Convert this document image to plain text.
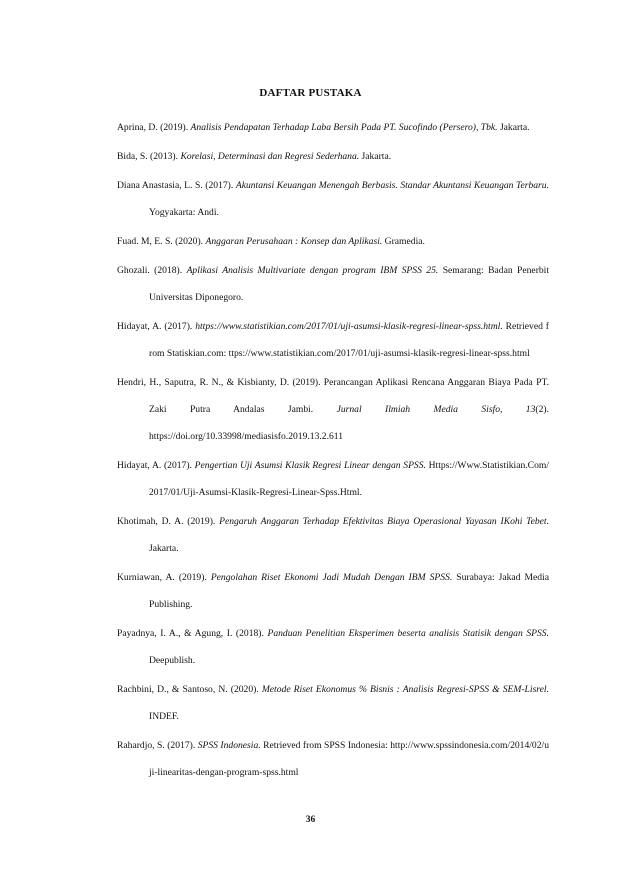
DAFTAR PUSTAKA

Aprina, D. (2019). Analisis Pendapatan Terhadap Laba Bersih Pada PT. Sucofindo (Persero), Tbk. Jakarta.

Bida, S. (2013). Korelasi, Determinasi dan Regresi Sederhana. Jakarta.

Diana Anastasia, L. S. (2017). Akuntansi Keuangan Menengah Berbasis. Standar Akuntansi Keuangan Terbaru. Yogyakarta: Andi.

Fuad. M, E. S. (2020). Anggaran Perusahaan : Konsep dan Aplikasi. Gramedia.

Ghozali. (2018). Aplikasi Analisis Multivariate dengan program IBM SPSS 25. Semarang: Badan Penerbit Universitas Diponegoro.

Hidayat, A. (2017). https://www.statistikian.com/2017/01/uji-asumsi-klasik-regresi-linear-spss.html. Retrieved from Statiskian.com: ttps://www.statistikian.com/2017/01/uji-asumsi-klasik-regresi-linear-spss.html

Hendri, H., Saputra, R. N., & Kisbianty, D. (2019). Perancangan Aplikasi Rencana Anggaran Biaya Pada PT. Zaki Putra Andalas Jambi. Jurnal Ilmiah Media Sisfo, 13(2). https://doi.org/10.33998/mediasisfo.2019.13.2.611

Hidayat, A. (2017). Pengertian Uji Asumsi Klasik Regresi Linear dengan SPSS. Https://Www.Statistikian.Com/2017/01/Uji-Asumsi-Klasik-Regresi-Linear-Spss.Html.

Khotimah, D. A. (2019). Pengaruh Anggaran Terhadap Efektivitas Biaya Operasional Yayasan IKohi Tebet. Jakarta.

Kurniawan, A. (2019). Pengolahan Riset Ekonomi Jadi Mudah Dengan IBM SPSS. Surabaya: Jakad Media Publishing.

Payadnya, I. A., & Agung, I. (2018). Panduan Penelitian Eksperimen beserta analisis Statisik dengan SPSS. Deepublish.

Rachbini, D., & Santoso, N. (2020). Metode Riset Ekonomus % Bisnis : Analisis Regresi-SPSS & SEM-Lisrel. INDEF.

Rahardjo, S. (2017). SPSS Indonesia. Retrieved from SPSS Indonesia: http://www.spssindonesia.com/2014/02/uji-linearitas-dengan-program-spss.html

36
